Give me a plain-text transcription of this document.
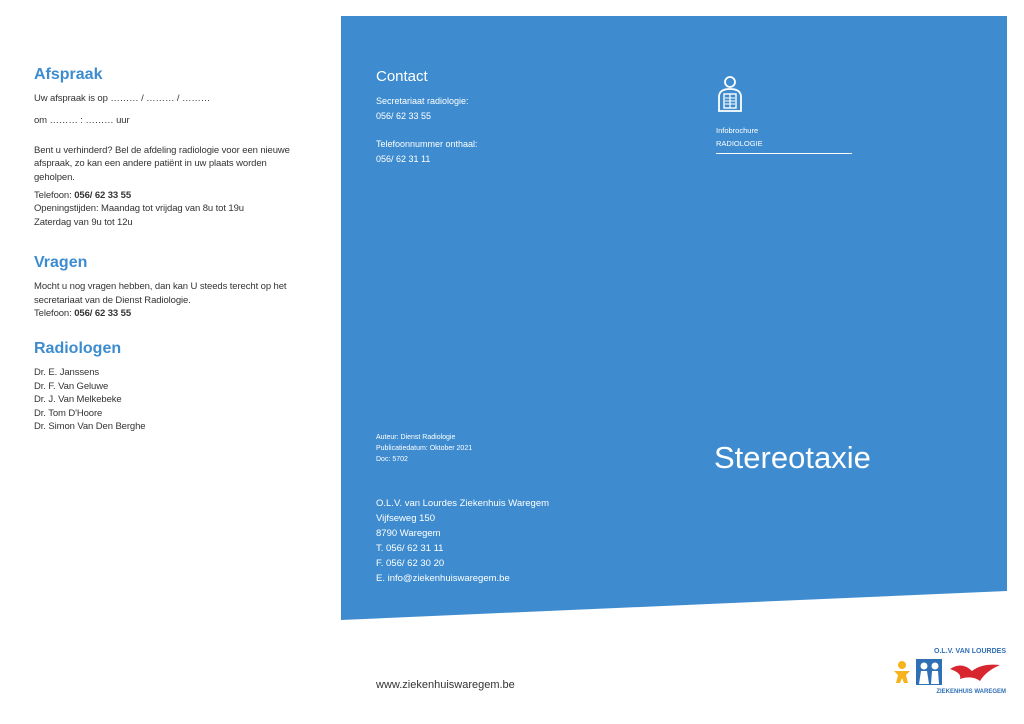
Afspraak

Uw afspraak is op ……… / ……… / ………

om ……… : ……… uur

Bent u verhinderd? Bel de afdeling radiologie voor een nieuwe afspraak, zo kan een andere patiënt in uw plaats worden geholpen.

Telefoon: 056/ 62 33 55

Openingstijden: Maandag tot vrijdag van 8u tot 19u

Zaterdag van 9u tot 12u

Vragen

Mocht u nog vragen hebben, dan kan U steeds terecht op het secretariaat van de Dienst Radiologie.

Telefoon: 056/ 62 33 55

Radiologen

Dr. E. Janssens

Dr. F. Van Geluwe

Dr. J. Van Melkebeke

Dr. Tom D'Hoore

Dr. Simon Van Den Berghe

Contact
Secretariaat radiologie:
056/ 62 33 55
Telefoonnummer onthaal:
056/ 62 31 11
Infobrochure
RADIOLOGIE
Auteur: Dienst Radiologie
Publicatiedatum: Oktober 2021
Doc: 5702	Stereotaxie
O.L.V. van Lourdes Ziekenhuis Waregem
Vijfseweg 150
8790 Waregem
T. 056/ 62 31 11
F. 056/ 62 30 20
E. info@ziekenhuiswaregem.be
www.ziekenhuiswaregem.be
O.L.V. VAN LOURDES
ZIEKENHUIS WAREGEM
